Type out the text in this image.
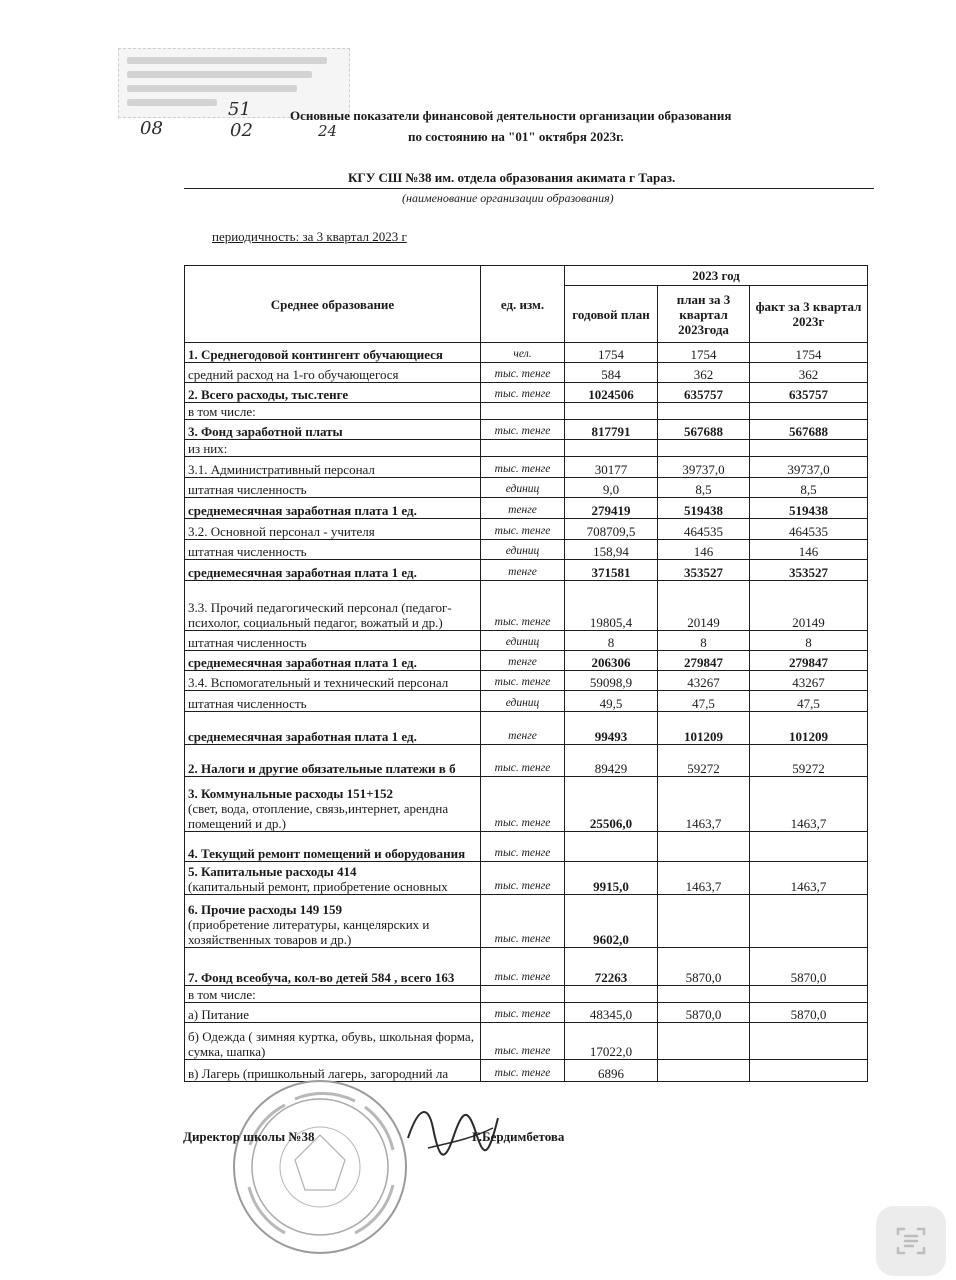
51
08	02	24
Основные показатели финансовой деятельности организации образования
по состоянию на "01" октября 2023г.
КГУ СШ №38 им. отдела образования акимата г Тараз.
(наименование организации образования)
периодичность: за 3 квартал 2023 г
Среднее образование	ед. изм.	2023 год		
		годовой план	план за 3 квартал 2023года	факт за 3 квартал 2023г
1. Среднегодовой контингент обучающиеся	чел.	1754	1754	1754
средний расход на 1-го обучающегося	тыс. тенге	584	362	362
2. Всего расходы, тыс.тенге	тыс. тенге	1024506	635757	635757
в том числе:				
3. Фонд заработной платы	тыс. тенге	817791	567688	567688
из них:				
3.1. Административный персонал	тыс. тенге	30177	39737,0	39737,0
штатная численность	единиц	9,0	8,5	8,5
среднемесячная заработная плата 1 ед.	тенге	279419	519438	519438
3.2. Основной персонал - учителя	тыс. тенге	708709,5	464535	464535
штатная численность	единиц	158,94	146	146
среднемесячная заработная плата 1 ед.	тенге	371581	353527	353527
3.3. Прочий педагогический персонал (педагог-психолог, социальный педагог, вожатый и др.)	тыс. тенге	19805,4	20149	20149
штатная численность	единиц	8	8	8
среднемесячная заработная плата 1 ед.	тенге	206306	279847	279847
3.4. Вспомогательный и технический персонал	тыс. тенге	59098,9	43267	43267
штатная численность	единиц	49,5	47,5	47,5
среднемесячная заработная плата 1 ед.	тенге	99493	101209	101209
2. Налоги и другие обязательные платежи в б	тыс. тенге	89429	59272	59272
3. Коммунальные расходы 151+152
(свет, вода, отопление, связь,интернет, арендна помещений и др.)	тыс. тенге	25506,0	1463,7	1463,7
4. Текущий ремонт помещений и оборудования	тыс. тенге			
5. Капитальные расходы 414
(капитальный ремонт, приобретение основных	тыс. тенге	9915,0	1463,7	1463,7
6. Прочие расходы 149 159
(приобретение литературы, канцелярских и хозяйственных товаров и др.)	тыс. тенге	9602,0		
7. Фонд всеобуча, кол-во детей 584 , всего 163	тыс. тенге	72263	5870,0	5870,0
в том числе:				
а) Питание	тыс. тенге	48345,0	5870,0	5870,0
б) Одежда ( зимняя куртка, обувь, школьная форма, сумка, шапка)	тыс. тенге	17022,0		
в) Лагерь (пришкольный лагерь, загородний ла	тыс. тенге	6896		
Директор школы №38	Г.Бердимбетова
